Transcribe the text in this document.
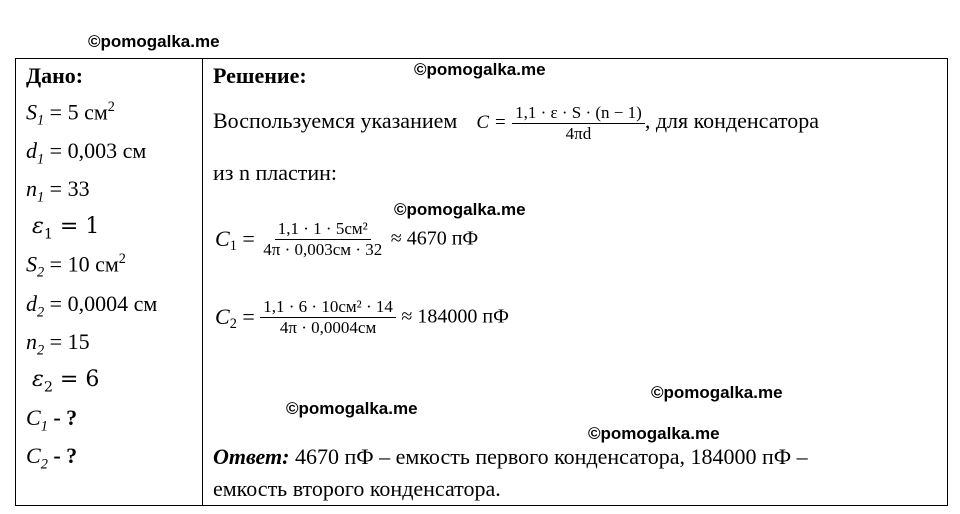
©pomogalka.me
©pomogalka.me
©pomogalka.me
©pomogalka.me
©pomogalka.me
©pomogalka.me
Дано:
$S_1 = 5$ $см^2$
$d_1 = 0,003$ см
$n_1 = 33$
$\varepsilon_1 = 1$
$S_2 = 10$ $см^2$
$d_2 = 0,0004$ см
$n_2 = 15$
$\varepsilon_2 = 6$
$C_1$ - ?
$C_2$ - ?
Решение:
Воспользуемся указанием $C = \frac{1,1 \cdot \varepsilon \cdot S \cdot (n - 1)}{4\pi d}$ , для конденсатора
из n пластин:
$C_1 = \frac{\text{1,1 · 1 · 5см²}}{4\pi \cdot 0,003см \cdot 32} \approx 4670$ пФ
$C_2 = \frac{\text{1,1 · 6 · 10см² · 14}}{4\pi \cdot 0,0004см} \approx 184000$ пФ
Ответ: 4670 пФ – емкость первого конденсатора, 184000 пФ –
емкость второго конденсатора.
